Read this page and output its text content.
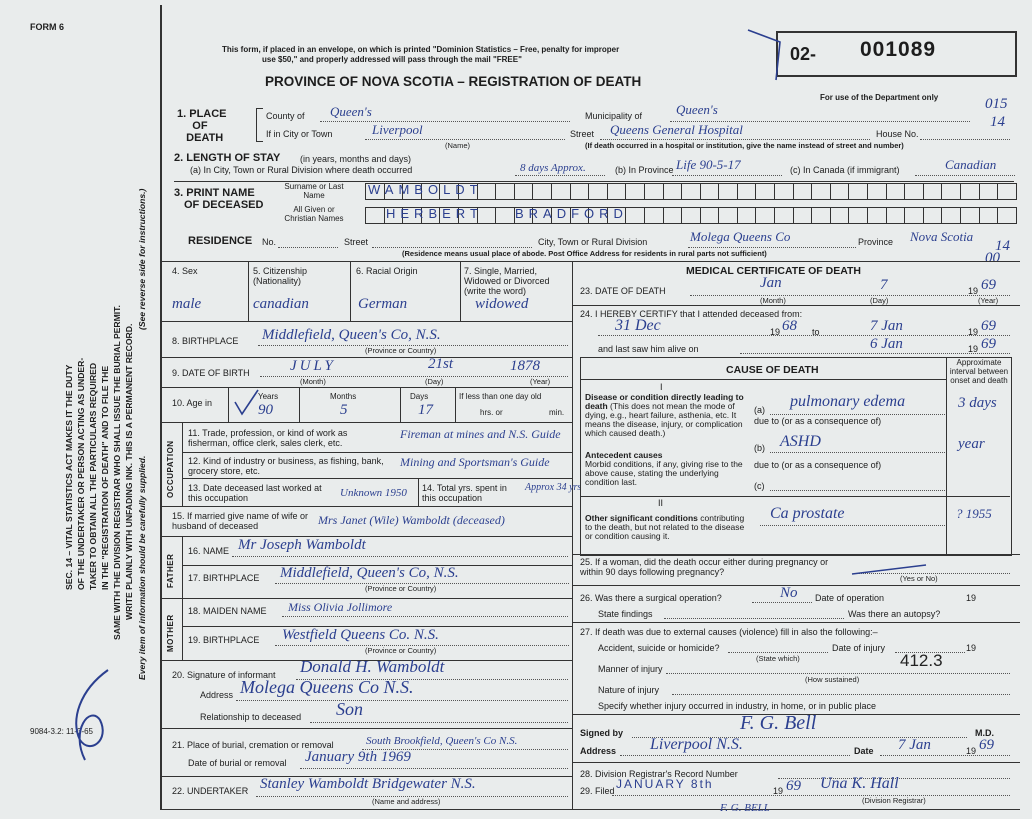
FORM 6
SEC. 14 – VITAL STATISTICS ACT MAKES IT THE DUTY OF THE UNDERTAKER OR PERSON ACTING AS UNDER- TAKER TO OBTAIN ALL THE PARTICULARS REQUIRED IN THE "REGISTRATION OF DEATH" AND TO FILE THE SAME WITH THE DIVISION REGISTRAR WHO SHALL ISSUE THE BURIAL PERMIT. WRITE PLAINLY WITH UNFADING INK. THIS IS A PERMANENT RECORD.
(See reverse side for instructions.)
Every item of information should be carefully supplied.
9084-3.2: 11-3-65
This form, if placed in an envelope, on which is printed "Dominion Statistics – Free, penalty for improper
use $50," and properly addressed will pass through the mail "FREE"
PROVINCE OF NOVA SCOTIA – REGISTRATION OF DEATH
02- 001089
For use of the Department only	015
14
00
14
1. PLACE
OF
DEATH
County of Queen's	Municipality of	Queen's
If in City or Town	Liverpool
(Name)
Street Queens General Hospital	House No.
(If death occurred in a hospital or institution, give the name instead of street and number)
2. LENGTH OF STAY (in years, months and days)
(a) In City, Town or Rural Division where death occurred	8 days Approx.	(b) In Province Life 90-5-17	(c) In Canada (if immigrant)	Canadian
3. PRINT NAME
OF DECEASED
Surname or Last Name
All Given or Christian Names
WAMBOLDT
HERBERT BRADFORD
RESIDENCE No.	Street	City, Town or Rural Division	Molega Queens Co	Province Nova Scotia
(Residence means usual place of abode. Post Office Address for residents in rural parts not sufficient)
4. Sex	5. Citizenship (Nationality)
6. Racial Origin	7. Single, Married, Widowed or Divorced (write the word)
male	canadian	German	widowed
8. BIRTHPLACE Middlefield, Queen's Co, N.S.
(Province or Country)
9. DATE OF BIRTH	JULY	21st	1878
(Month)	(Day)	(Year)
10. Age in
Years
90
Months
5
Days
17
If less than one day old
hrs. or	min.
OCCUPATION
11. Trade, profession, or kind of work as fisherman, office clerk, sales clerk, etc.
Fireman at mines and N.S. Guide
12. Kind of industry or business, as fishing, bank, grocery store, etc.
Mining and Sportsman's Guide
13. Date deceased last worked at this occupation	Unknown 1950 14. Total yrs. spent in this occupation
Approx 34 yrs
15. If married give name of wife or husband of deceased	Mrs Janet (Wile) Wamboldt (deceased)
FATHER
16. NAME Mr Joseph Wamboldt
17. BIRTHPLACE Middlefield, Queen's Co, N.S.
(Province or Country)
MOTHER
18. MAIDEN NAME Miss Olivia Jollimore
19. BIRTHPLACE Westfield Queens Co. N.S.
(Province or Country)
20. Signature of informant Donald H. Wamboldt
Address Molega Queens Co N.S.
Relationship to deceased Son
21. Place of burial, cremation or removal	South Brookfield, Queen's Co N.S.
Date of burial or removal January 9th 1969
22. UNDERTAKER Stanley Wamboldt Bridgewater N.S.
(Name and address)
MEDICAL CERTIFICATE OF DEATH
23. DATE OF DEATH	Jan	7	19 69
(Month)	(Day)	(Year)
24. I HEREBY CERTIFY that I attended deceased from:
31 Dec	19 68 to	7 Jan	19 69
and last saw him alive on	6 Jan	19 69
CAUSE OF DEATH
Approximate interval between onset and death
I
Disease or condition directly leading to death (This does not mean the mode of dying, e.g., heart failure, asthenia, etc. It means the disease, injury, or complication which caused death.)
(a) pulmonary edema	3 days
due to (or as a consequence of)
(b) ASHD	year
Antecedent causes
Morbid conditions, if any, giving rise to the above cause, stating the underlying condition last.
due to (or as a consequence of)
(c)
II
Other significant conditions contributing to the death, but not related to the disease or condition causing it.
Ca prostate	? 1955
25. If a woman, did the death occur either during pregnancy or within 90 days following pregnancy?
(Yes or No)
26. Was there a surgical operation?	No Date of operation	19
State findings	Was there an autopsy?
27. If death was due to external causes (violence) fill in also the following:–
Accident, suicide or homicide?
(State which)
Date of injury	19
Manner of injury
(How sustained)
412.3
Nature of injury
Specify whether injury occurred in industry, in home, or in public place
Signed by	F. G. Bell	M.D.
Address Liverpool N.S.	Date 7 Jan	19 69
28. Division Registrar's Record Number
29. Filed JANUARY 8th	19 69 Una K. Hall
(Division Registrar)
F. G. BELL
